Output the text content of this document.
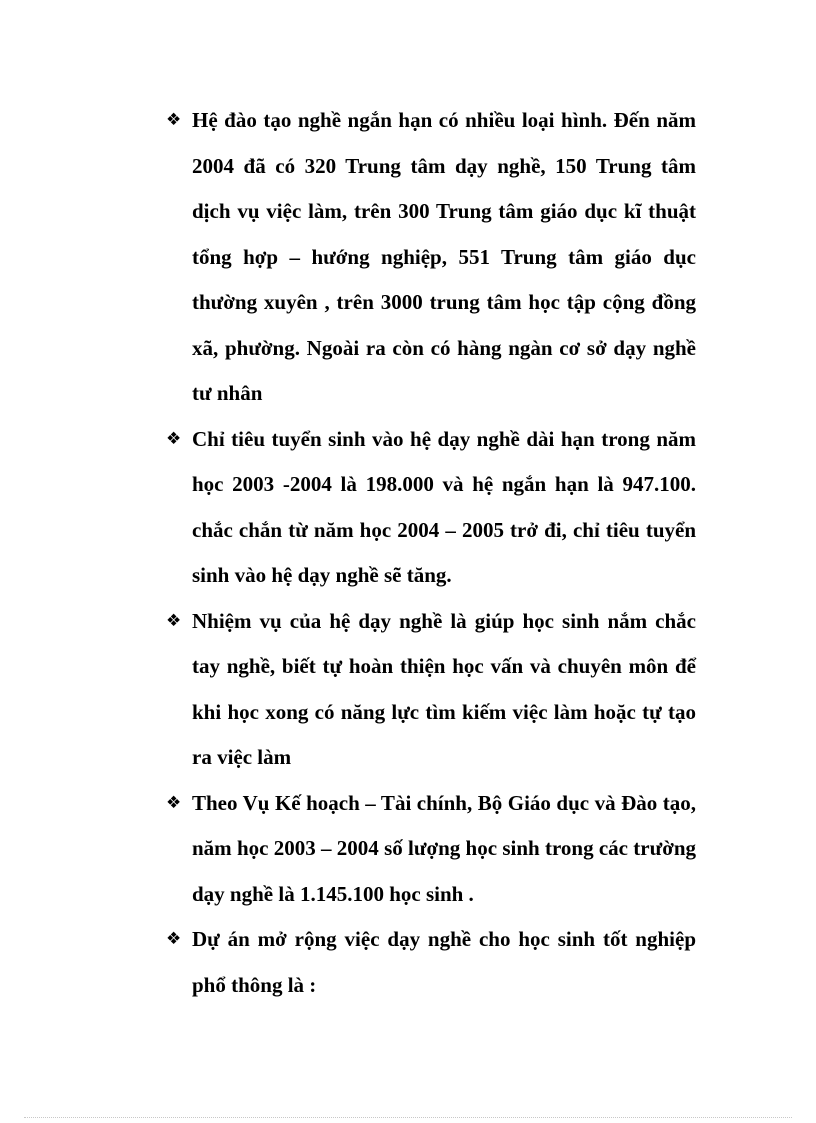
❖ Hệ đào tạo nghề ngắn hạn có nhiều loại hình. Đến năm 2004 đã có 320 Trung tâm dạy nghề, 150 Trung tâm dịch vụ việc làm, trên 300 Trung tâm giáo dục kĩ thuật tổng hợp – hướng nghiệp, 551 Trung tâm giáo dục thường xuyên , trên 3000 trung tâm học tập cộng đồng xã, phường. Ngoài ra còn có hàng ngàn cơ sở dạy nghề tư nhân
❖ Chỉ tiêu tuyển sinh vào hệ dạy nghề dài hạn trong năm học 2003 -2004 là 198.000 và hệ ngắn hạn là 947.100. chắc chắn từ năm học 2004 – 2005 trở đi, chỉ tiêu tuyển sinh vào hệ dạy nghề sẽ tăng.
❖ Nhiệm vụ của hệ dạy nghề là giúp học sinh nắm chắc tay nghề, biết tự hoàn thiện học vấn và chuyên môn để khi học xong có năng lực tìm kiếm việc làm hoặc tự tạo ra việc làm
❖ Theo Vụ Kế hoạch – Tài chính, Bộ Giáo dục và Đào tạo, năm học 2003 – 2004 số lượng học sinh trong các trường dạy nghề là 1.145.100 học sinh .
❖ Dự án mở rộng việc dạy nghề cho học sinh tốt nghiệp phổ thông là :
